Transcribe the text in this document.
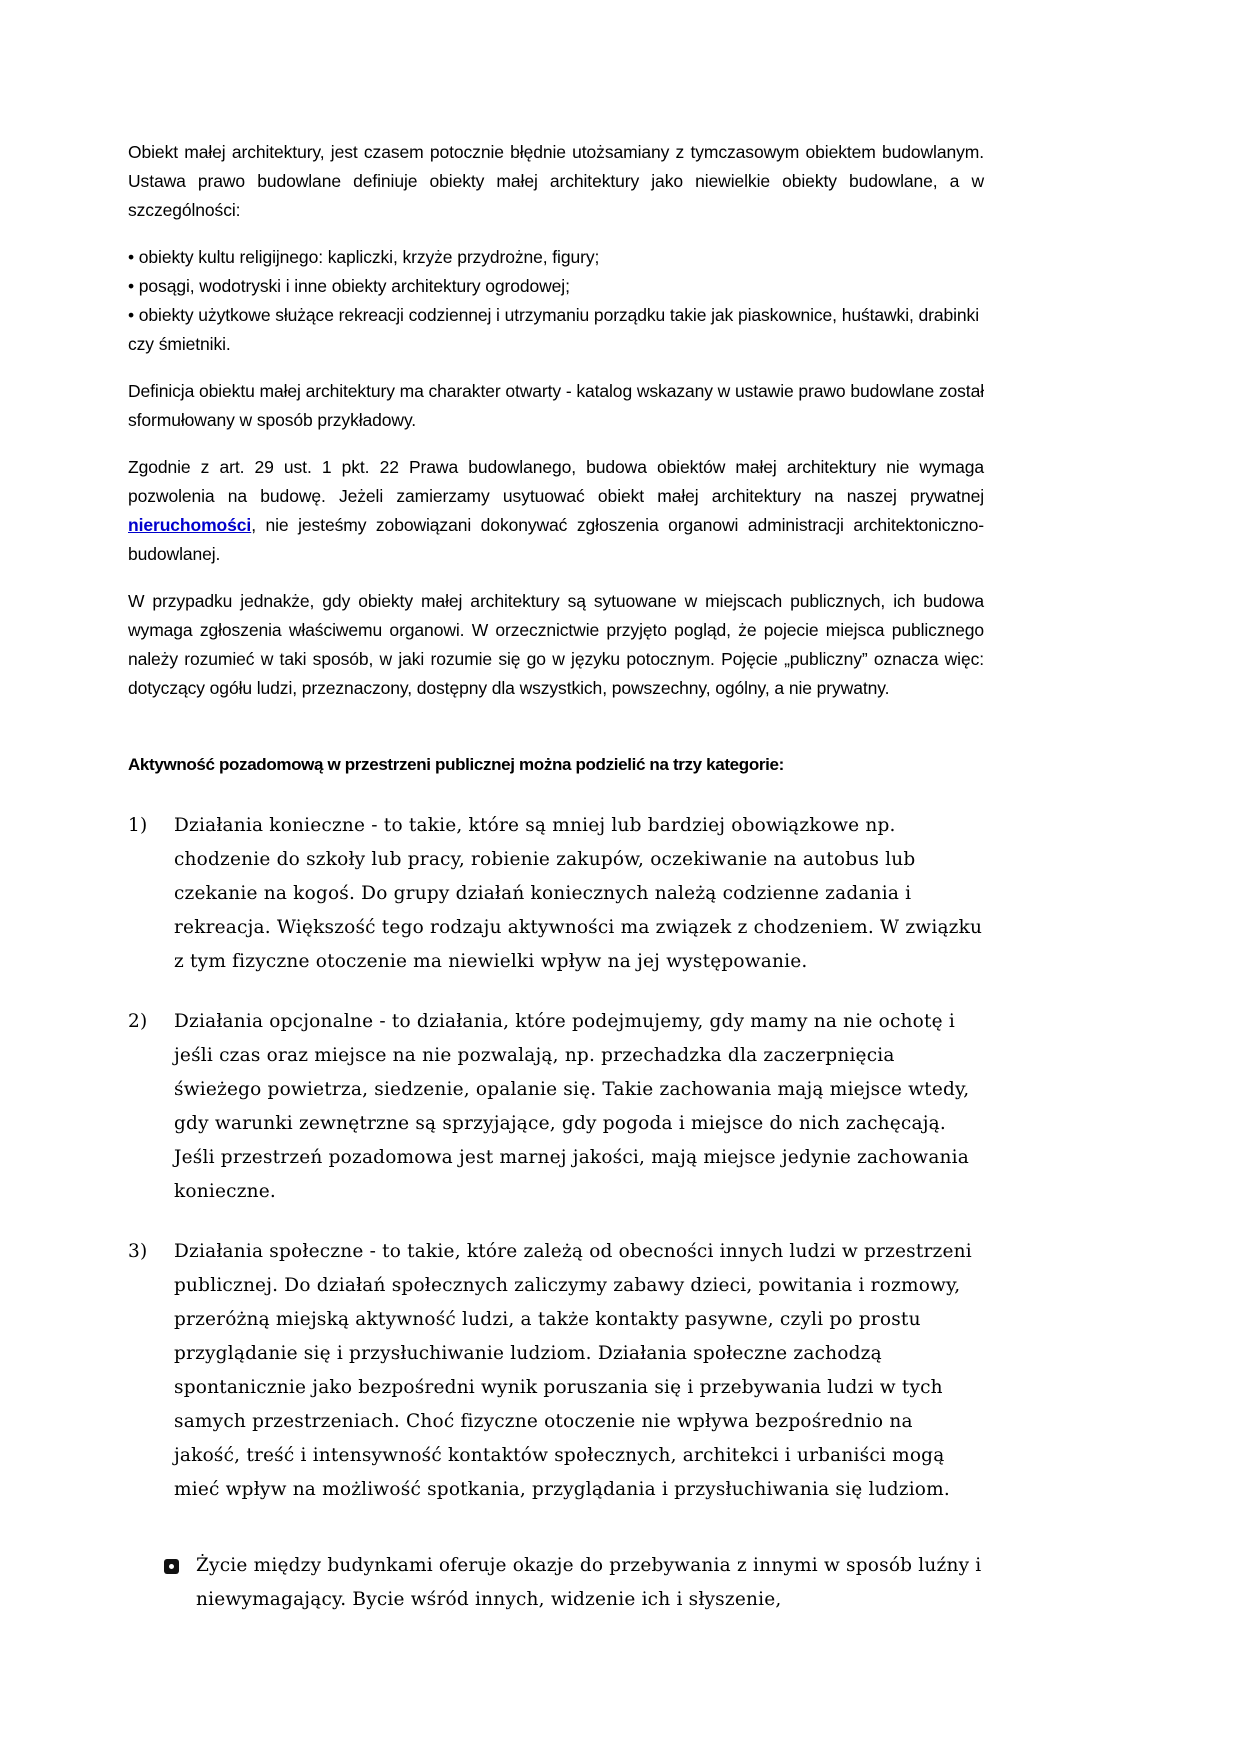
Obiekt małej architektury, jest czasem potocznie błędnie utożsamiany z tymczasowym obiektem budowlanym. Ustawa prawo budowlane definiuje obiekty małej architektury jako niewielkie obiekty budowlane, a w szczególności:

• obiekty kultu religijnego: kapliczki, krzyże przydrożne, figury;

• posągi, wodotryski i inne obiekty architektury ogrodowej;

• obiekty użytkowe służące rekreacji codziennej i utrzymaniu porządku takie jak piaskownice, huśtawki, drabinki czy śmietniki.

Definicja obiektu małej architektury ma charakter otwarty - katalog wskazany w ustawie prawo budowlane został sformułowany w sposób przykładowy.

Zgodnie z art. 29 ust. 1 pkt. 22 Prawa budowlanego, budowa obiektów małej architektury nie wymaga pozwolenia na budowę. Jeżeli zamierzamy usytuować obiekt małej architektury na naszej prywatnej nieruchomości, nie jesteśmy zobowiązani dokonywać zgłoszenia organowi administracji architektoniczno-budowlanej.

W przypadku jednakże, gdy obiekty małej architektury są sytuowane w miejscach publicznych, ich budowa wymaga zgłoszenia właściwemu organowi. W orzecznictwie przyjęto pogląd, że pojecie miejsca publicznego należy rozumieć w taki sposób, w jaki rozumie się go w języku potocznym. Pojęcie „publiczny” oznacza więc: dotyczący ogółu ludzi, przeznaczony, dostępny dla wszystkich, powszechny, ogólny, a nie prywatny.

Aktywność pozadomową w przestrzeni publicznej można podzielić na trzy kategorie:

1)	Działania konieczne - to takie, które są mniej lub bardziej obowiązkowe np. chodzenie do szkoły lub pracy, robienie zakupów, oczekiwanie na autobus lub czekanie na kogoś. Do grupy działań koniecznych należą codzienne zadania i rekreacja. Większość tego rodzaju aktywności ma związek z chodzeniem. W związku z tym fizyczne otoczenie ma niewielki wpływ na jej występowanie.
2)	Działania opcjonalne - to działania, które podejmujemy, gdy mamy na nie ochotę i jeśli czas oraz miejsce na nie pozwalają, np. przechadzka dla zaczerpnięcia świeżego powietrza, siedzenie, opalanie się. Takie zachowania mają miejsce wtedy, gdy warunki zewnętrzne są sprzyjające, gdy pogoda i miejsce do nich zachęcają. Jeśli przestrzeń pozadomowa jest marnej jakości, mają miejsce jedynie zachowania konieczne.
3)	Działania społeczne - to takie, które zależą od obecności innych ludzi w przestrzeni publicznej. Do działań społecznych zaliczymy zabawy dzieci, powitania i rozmowy, przeróżną miejską aktywność ludzi, a także kontakty pasywne, czyli po prostu przyglądanie się i przysłuchiwanie ludziom. Działania społeczne zachodzą spontanicznie jako bezpośredni wynik poruszania się i przebywania ludzi w tych samych przestrzeniach. Choć fizyczne otoczenie nie wpływa bezpośrednio na jakość, treść i intensywność kontaktów społecznych, architekci i urbaniści mogą mieć wpływ na możliwość spotkania, przyglądania i przysłuchiwania się ludziom.
Życie między budynkami oferuje okazje do przebywania z innymi w sposób luźny i niewymagający. Bycie wśród innych, widzenie ich i słyszenie,
